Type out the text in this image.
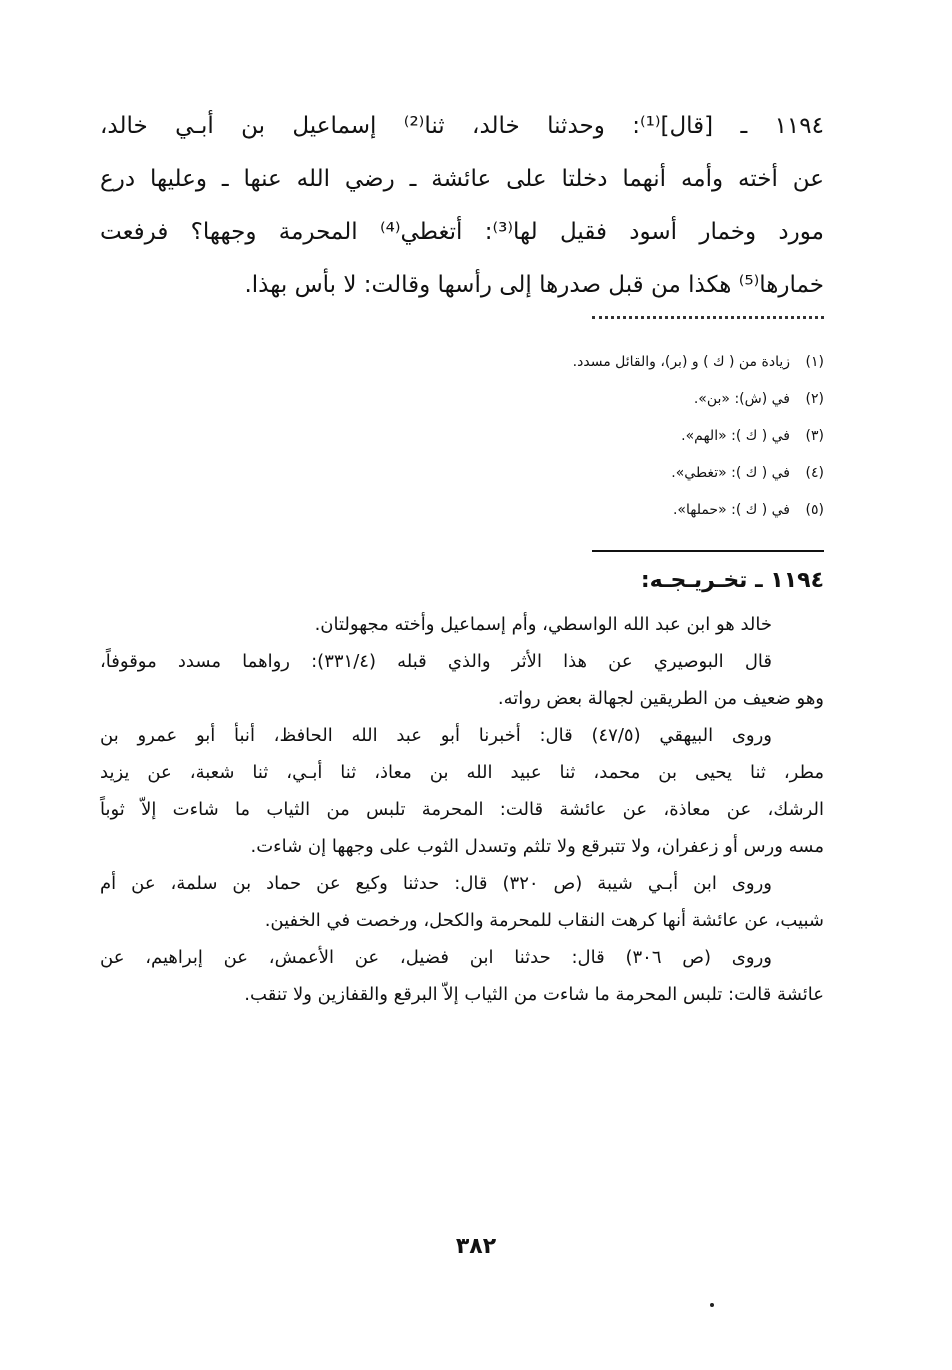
١١٩٤ ـ [قال]⁽¹⁾: وحدثنا خالد، ثنا⁽²⁾ إسماعيل بن أبـي خالد،
عن أخته وأمه أنهما دخلتا على عائشة ـ رضي الله عنها ـ وعليها درع
مورد وخمار أسود فقيل لها⁽³⁾: أتغطي⁽⁴⁾ المحرمة وجهها؟ فرفعت
خمارها⁽⁵⁾ هكذا من قبل صدرها إلى رأسها وقالت: لا بأس بهذا.

(١)زيادة من ( ك ) و (بر)، والقائل مسدد.
(٢)في (ش): «بن».
(٣)في ( ك ): «الهم».
(٤)في ( ك ): «تغطي».
(٥)في ( ك ): «حملها».
١١٩٤ ـ تخـريـجـه:
خالد هو ابن عبد الله الواسطي، وأم إسماعيل وأخته مجهولتان.
قال البوصيري عن هذا الأثر والذي قبله (٣٣١/٤): رواهما مسدد موقوفاً،
وهو ضعيف من الطريقين لجهالة بعض رواته.
وروى البيهقي (٤٧/٥) قال: أخبرنا أبو عبد الله الحافظ، أنبأ أبو عمرو بن
مطر، ثنا يحيى بن محمد، ثنا عبيد الله بن معاذ، ثنا أبـي، ثنا شعبة، عن يزيد
الرشك، عن معاذة، عن عائشة قالت: المحرمة تلبس من الثياب ما شاءت إلاّ ثوباً
مسه ورس أو زعفران، ولا تتبرقع ولا تلثم وتسدل الثوب على وجهها إن شاءت.
وروى ابن أبـي شيبة (ص ٣٢٠) قال: حدثنا وكيع عن حماد بن سلمة، عن أم
شبيب، عن عائشة أنها كرهت النقاب للمحرمة والكحل، ورخصت في الخفين.
وروى (ص ٣٠٦) قال: حدثنا ابن فضيل، عن الأعمش، عن إبراهيم، عن
عائشة قالت: تلبس المحرمة ما شاءت من الثياب إلاّ البرقع والقفازين ولا تنقب.
٣٨٢
